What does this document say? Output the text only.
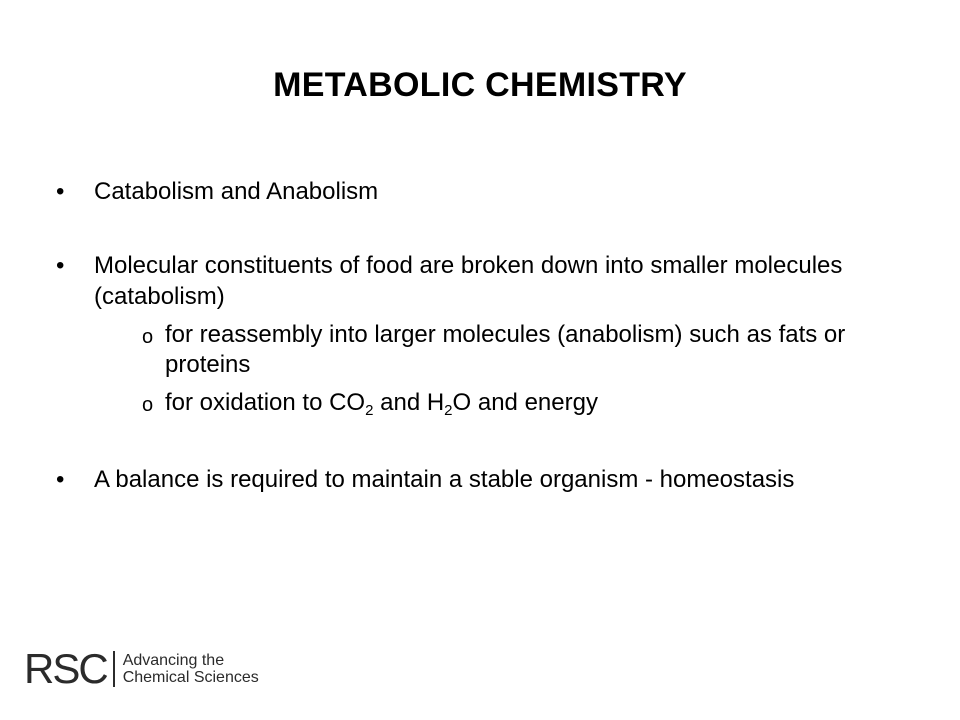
METABOLIC CHEMISTRY
• Catabolism and Anabolism
• Molecular constituents of food are broken down into smaller molecules (catabolism)
o for reassembly into larger molecules (anabolism) such as fats or proteins
o for oxidation to $CO_2$ and $H_2O$ and energy
• A balance is required to maintain a stable organism - homeostasis
RSC Advancing the
Chemical Sciences
